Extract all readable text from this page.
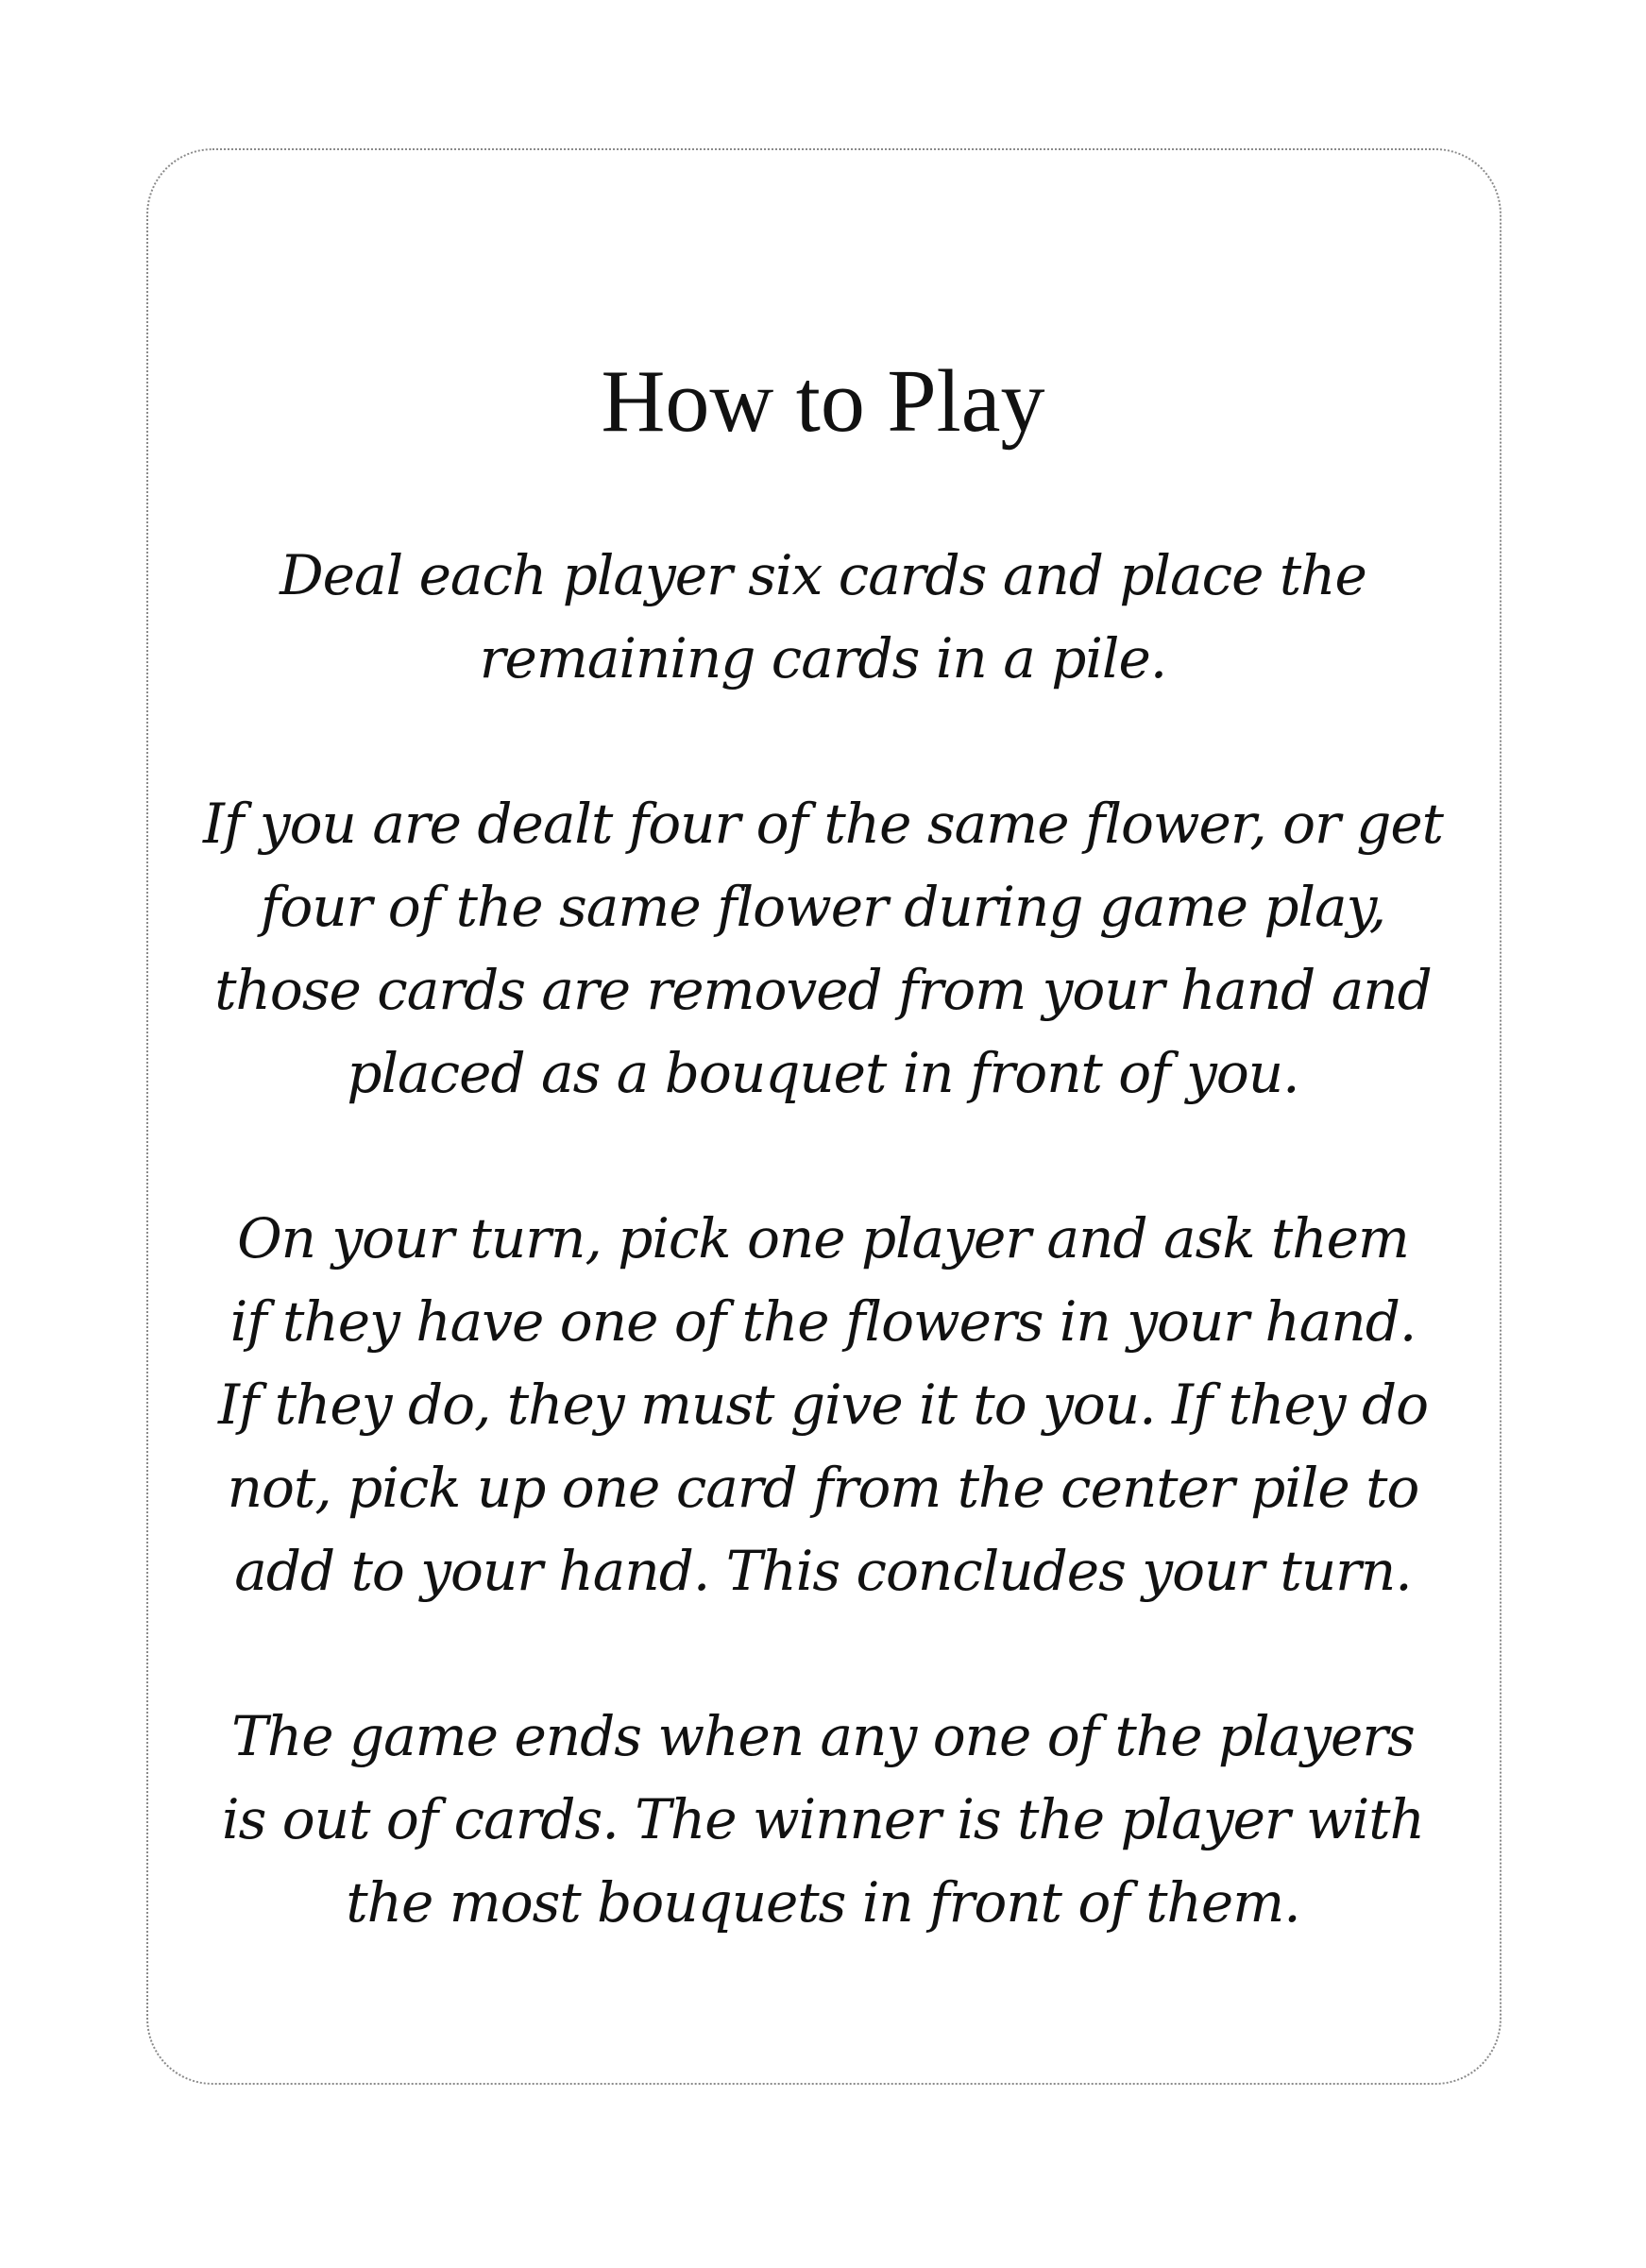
How to Play

Deal each player six cards and place the
remaining cards in a pile.

If you are dealt four of the same flower, or get
four of the same flower during game play,
those cards are removed from your hand and
placed as a bouquet in front of you.

On your turn, pick one player and ask them
if they have one of the flowers in your hand.
If they do, they must give it to you. If they do
not, pick up one card from the center pile to
add to your hand. This concludes your turn.

The game ends when any one of the players
is out of cards. The winner is the player with
the most bouquets in front of them.
